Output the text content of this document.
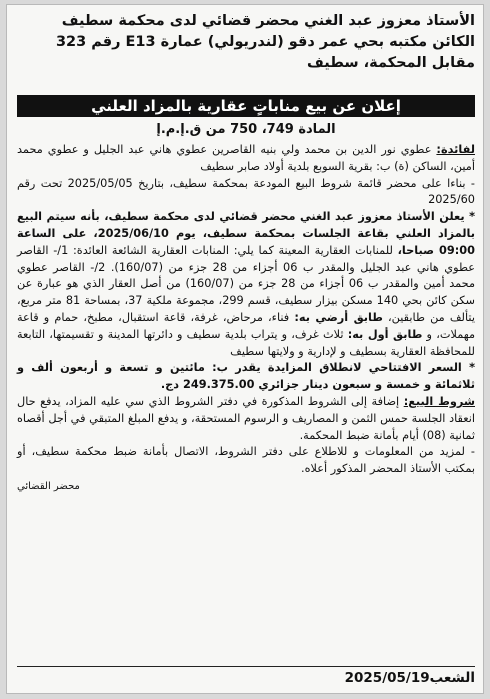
الأستاذ معزوز عبد الغني محضر قضائي لدى محكمة سطيف
الكائن مكتبه بحي عمر دقو (لندريولي) عمارة E13 رقم 323
مقابل المحكمة، سطيف
إعلان عن بيع مناباتٍ عقارية بالمزاد العلني
المادة 749، 750 من ق.إ.م.إ

لفائدة: عطوي نور الدين بن محمد ولي بنيه القاصرين عطوي هاني عبد الجليل و عطوي محمد أمين، الساكن (ة) ب: بقرية السوبع بلدية أولاد صابر سطيف

- بناءا على محضر قائمة شروط البيع المودعة بمحكمة سطيف، بتاريخ 2025/05/05 تحت رقم 2025/60

* يعلن الأستاذ معزوز عبد الغني محضر قضائي لدى محكمة سطيف، بأنه سيتم البيع بالمزاد العلني بقاعة الجلسات بمحكمة سطيف، يوم 2025/06/10، على الساعة 09:00 صباحا، للمنابات العقارية المعينة كما يلي: المنابات العقارية الشائعة العائدة: 1/- القاصر عطوي هاني عبد الجليل والمقدر ب 06 أجزاء من 28 جزء من (160/07). 2/- القاصر عطوي محمد أمين والمقدر ب 06 أجزاء من 28 جزء من (160/07) من أصل العقار الذي هو عبارة عن سكن كائن بحي 140 مسكن بيزار سطيف، قسم 299، مجموعة ملكية 37، بمساحة 81 متر مربع، يتألف من طابقين، طابق أرضي به: فناء، مرحاض، غرفة، قاعة استقبال، مطبخ، حمام و قاعة مهملات، و طابق أول به: ثلاث غرف، و يتراب بلدية سطيف و دائرتها المدينة و تقسيمتها، التابعة للمحافظة العقارية بسطيف و لإدارية و ولايتها سطيف

* السعر الافتتاحي لانطلاق المزايدة يقدر ب: مائتين و تسعة و أربعون ألف و ثلاثمائة و خمسة و سبعون دينار جزائري 249.375.00 دج.

شروط البيع: إضافة إلى الشروط المذكورة في دفتر الشروط الذي سي عليه المزاد، يدفع حال انعقاد الجلسة حمس الثمن و المصاريف و الرسوم المستحقة، و يدفع المبلغ المتبقي في أجل أقصاه ثمانية (08) أيام بأمانة ضبط المحكمة.

- لمزيد من المعلومات و للاطلاع على دفتر الشروط، الاتصال بأمانة ضبط محكمة سطيف، أو بمكتب الأستاذ المحضر المذكور أعلاه.

محضر القضائي
الشعب
2025/05/19
